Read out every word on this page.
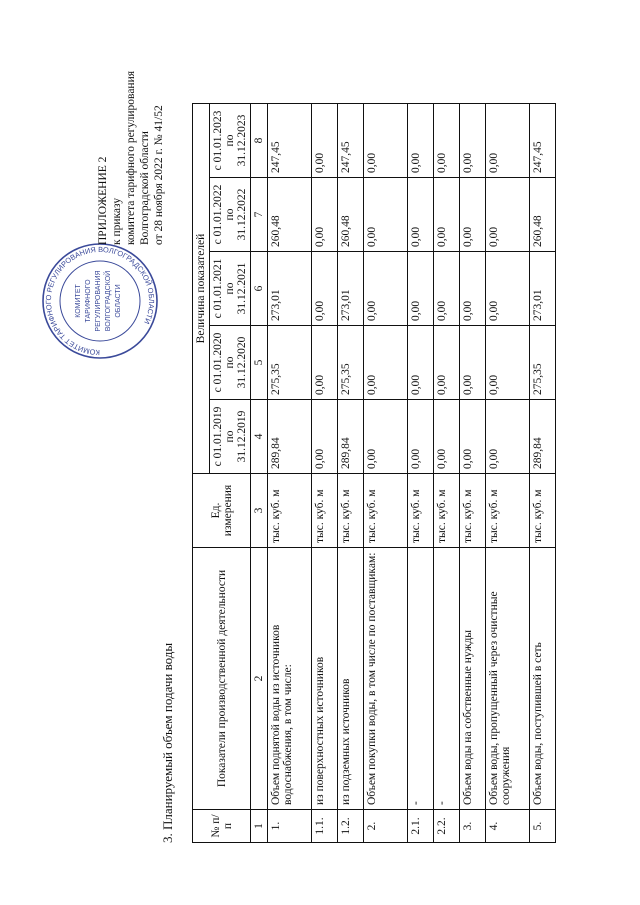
КОМИТЕТ ТАРИФНОГО РЕГУЛИРОВАНИЯ ВОЛГОГРАДСКОЙ ОБЛАСТИ
КОМИТЕТ ТАРИФНОГО РЕГУЛИРОВАНИЯ ВОЛГОГРАДСКОЙ ОБЛАСТИ
ПРИЛОЖЕНИЕ 2 к приказу комитета тарифного регулирования Волгоградской области от 28 ноября 2022 г. № 41/52
3. Планируемый объем подачи воды	№ п/п	Показатели производственной деятельности	Ед. измерения	Величина показателей				
			с 01.01.2019 по 31.12.2019	с 01.01.2020 по 31.12.2020	с 01.01.2021 по 31.12.2021	с 01.01.2022 по 31.12.2022	с 01.01.2023 по 31.12.2023
1	2	3	4	5	6	7	8
1.	Объем поднятой воды из источников водоснабжения, в том числе:	тыс. куб. м	289,84	275,35	273,01	260,48	247,45
1.1.	из поверхностных источников	тыс. куб. м	0,00	0,00	0,00	0,00	0,00
1.2.	из подземных источников	тыс. куб. м	289,84	275,35	273,01	260,48	247,45
2.	Объем покупки воды, в том числе по поставщикам:	тыс. куб. м	0,00	0,00	0,00	0,00	0,00
2.1.	-	тыс. куб. м	0,00	0,00	0,00	0,00	0,00
2.2.	-	тыс. куб. м	0,00	0,00	0,00	0,00	0,00
3.	Объем воды на собственные нужды	тыс. куб. м	0,00	0,00	0,00	0,00	0,00
4.	Объем воды, пропущенный через очистные сооружения	тыс. куб. м	0,00	0,00	0,00	0,00	0,00
5.	Объем воды, поступившей в сеть	тыс. куб. м	289,84	275,35	273,01	260,48	247,45
